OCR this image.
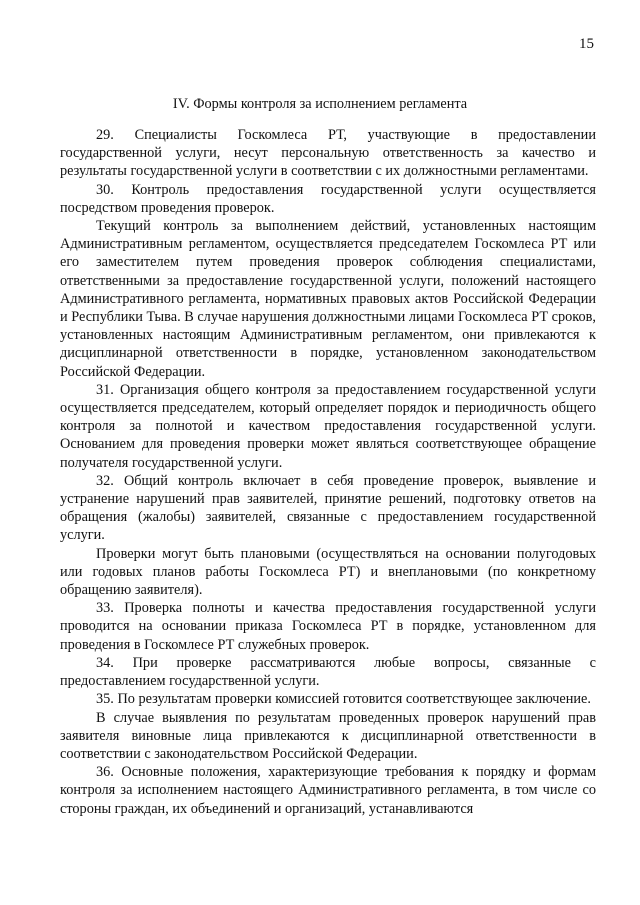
15
IV. Формы контроля за исполнением регламента

29. Специалисты Госкомлеса РТ, участвующие в предоставлении государственной услуги, несут персональную ответственность за качество и результаты государственной услуги в соответствии с их должностными регламентами.

30. Контроль предоставления государственной услуги осуществляется посредством проведения проверок.

Текущий контроль за выполнением действий, установленных настоящим Административным регламентом, осуществляется председателем Госкомлеса РТ или его заместителем путем проведения проверок соблюдения специалистами, ответственными за предоставление государственной услуги, положений настоящего Административного регламента, нормативных правовых актов Российской Федерации и Республики Тыва. В случае нарушения должностными лицами Госкомлеса РТ сроков, установленных настоящим Административным регламентом, они привлекаются к дисциплинарной ответственности в порядке, установленном законодательством Российской Федерации.

31. Организация общего контроля за предоставлением государственной услуги осуществляется председателем, который определяет порядок и периодичность общего контроля за полнотой и качеством предоставления государственной услуги. Основанием для проведения проверки может являться соответствующее обращение получателя государственной услуги.

32. Общий контроль включает в себя проведение проверок, выявление и устранение нарушений прав заявителей, принятие решений, подготовку ответов на обращения (жалобы) заявителей, связанные с предоставлением государственной услуги.

Проверки могут быть плановыми (осуществляться на основании полугодовых или годовых планов работы Госкомлеса РТ) и внеплановыми (по конкретному обращению заявителя).

33. Проверка полноты и качества предоставления государственной услуги проводится на основании приказа Госкомлеса РТ в порядке, установленном для проведения в Госкомлесе РТ служебных проверок.

34. При проверке рассматриваются любые вопросы, связанные с предоставлением государственной услуги.

35. По результатам проверки комиссией готовится соответствующее заключение.

В случае выявления по результатам проведенных проверок нарушений прав заявителя виновные лица привлекаются к дисциплинарной ответственности в соответствии с законодательством Российской Федерации.

36. Основные положения, характеризующие требования к порядку и формам контроля за исполнением настоящего Административного регламента, в том числе со стороны граждан, их объединений и организаций, устанавливаются
